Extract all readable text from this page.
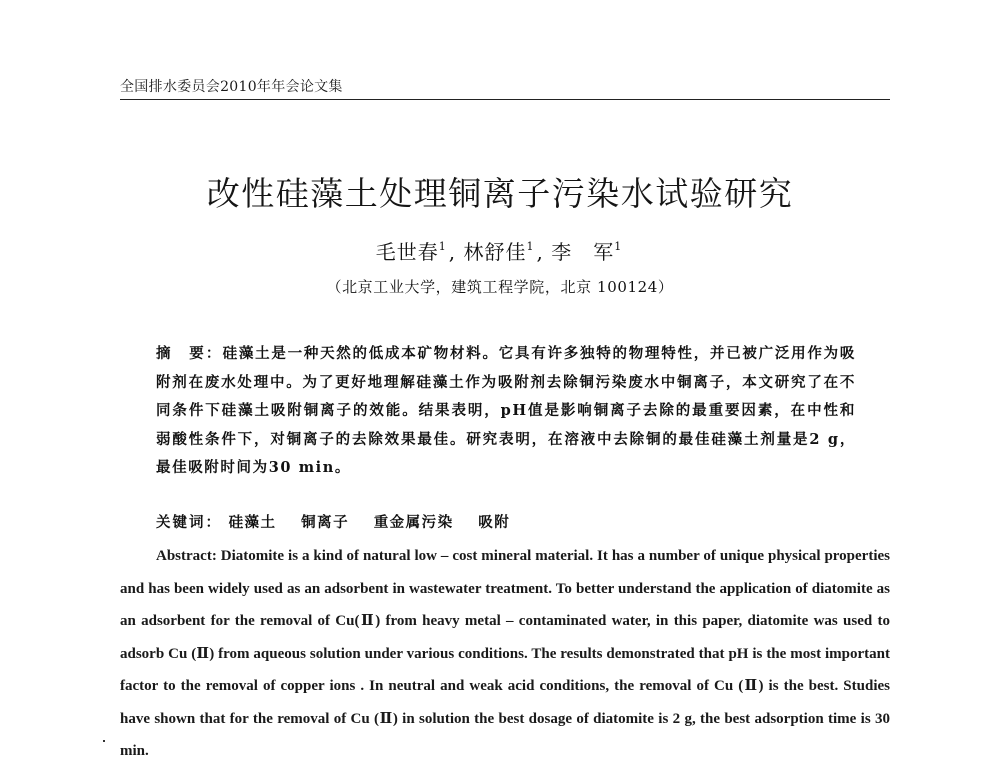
全国排水委员会2010年年会论文集
改性硅藻土处理铜离子污染水试验研究
毛世春$^1$ , 林舒佳$^1$ , 李　军$^1$
（北京工业大学，建筑工程学院，北京 100124）
摘　要：硅藻土是一种天然的低成本矿物材料。它具有许多独特的物理特性，并已被广泛用作为吸附剂在废水处理中。为了更好地理解硅藻土作为吸附剂去除铜污染废水中铜离子，本文研究了在不同条件下硅藻土吸附铜离子的效能。结果表明，pH值是影响铜离子去除的最重要因素，在中性和弱酸性条件下，对铜离子的去除效果最佳。研究表明，在溶液中去除铜的最佳硅藻土剂量是2 g，最佳吸附时间为30 min。
关键词： 硅藻土 铜离子 重金属污染 吸附
Abstract: Diatomite is a kind of natural low – cost mineral material. It has a number of unique physical properties and has been widely used as an adsorbent in wastewater treatment. To better understand the application of diatomite as an adsorbent for the removal of Cu(Ⅱ) from heavy metal – contaminated water, in this paper, diatomite was used to adsorb Cu (Ⅱ) from aqueous solution under various conditions. The results demonstrated that pH is the most important factor to the removal of copper ions . In neutral and weak acid conditions, the removal of Cu (Ⅱ) is the best. Studies have shown that for the removal of Cu (Ⅱ) in solution the best dosage of diatomite is 2 g, the best adsorption time is 30 min.
